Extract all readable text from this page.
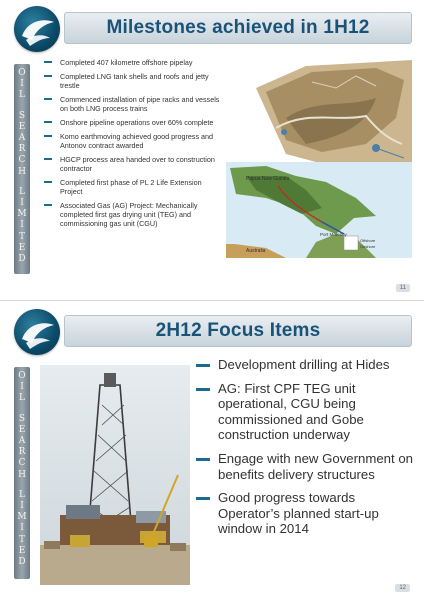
Milestones achieved in 1H12
O
I
L
S
E
A
R
C
H
L
I
M
I
T
E
D
Completed 407 kilometre offshore pipelay
Completed LNG tank shells and roofs and jetty trestle
Commenced installation of pipe racks and vessels on both LNG process trains
Onshore pipeline operations over 60% complete
Komo earthmoving achieved good progress and Antonov contract awarded
HGCP process area handed over to construction contractor
Completed first phase of PL 2 Life Extension Project
Associated Gas (AG) Project: Mechanically completed first gas drying unit (TEG) and commissioning gas unit (CGU)
Papua New Guinea
Port Moresby
Australia
Offshore
Onshore
11
2H12 Focus Items
O
I
L
S
E
A
R
C
H
L
I
M
I
T
E
D
Development drilling at Hides
AG: First CPF TEG unit operational, CGU being commissioned and Gobe construction underway
Engage with new Government on benefits delivery structures
Good progress towards Operator’s planned start-up window in 2014
12
